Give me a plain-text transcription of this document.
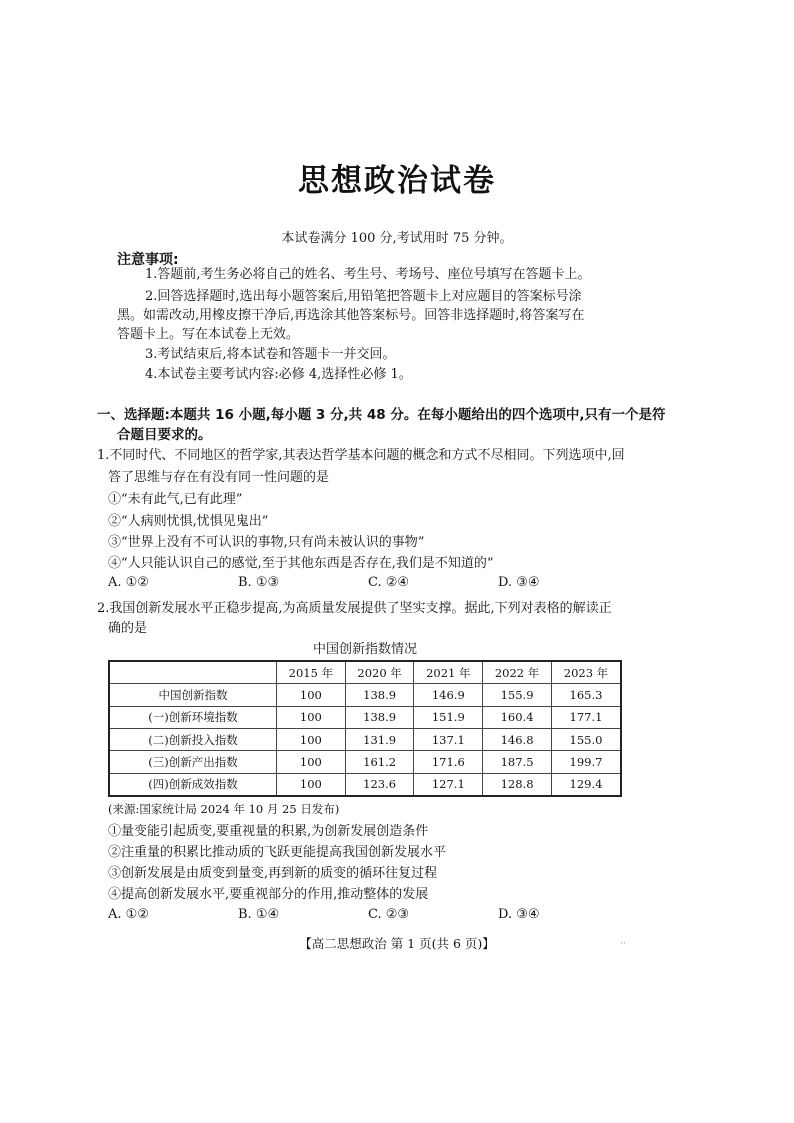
思想政治试卷
本试卷满分 100 分,考试用时 75 分钟。
注意事项:
1.答题前,考生务必将自己的姓名、考生号、考场号、座位号填写在答题卡上。
2.回答选择题时,选出每小题答案后,用铅笔把答题卡上对应题目的答案标号涂
黑。如需改动,用橡皮擦干净后,再选涂其他答案标号。回答非选择题时,将答案写在
答题卡上。写在本试卷上无效。
3.考试结束后,将本试卷和答题卡一并交回。
4.本试卷主要考试内容:必修 4,选择性必修 1。
一、选择题:本题共 16 小题,每小题 3 分,共 48 分。在每小题给出的四个选项中,只有一个是符
合题目要求的。
1.不同时代、不同地区的哲学家,其表达哲学基本问题的概念和方式不尽相同。下列选项中,回
答了思维与存在有没有同一性问题的是
①“未有此气,已有此理”
②“人病则忧惧,忧惧见鬼出”
③“世界上没有不可认识的事物,只有尚未被认识的事物”
④“人只能认识自己的感觉,至于其他东西是否存在,我们是不知道的”
A. ①②	B. ①③	C. ②④	D. ③④
2.我国创新发展水平正稳步提高,为高质量发展提供了坚实支撑。据此,下列对表格的解读正
确的是
中国创新指数情况
	2015 年	2020 年	2021 年	2022 年	2023 年
中国创新指数	100	138.9	146.9	155.9	165.3
(一)创新环境指数	100	138.9	151.9	160.4	177.1
(二)创新投入指数	100	131.9	137.1	146.8	155.0
(三)创新产出指数	100	161.2	171.6	187.5	199.7
(四)创新成效指数	100	123.6	127.1	128.8	129.4
(来源:国家统计局 2024 年 10 月 25 日发布)
①量变能引起质变,要重视量的积累,为创新发展创造条件
②注重量的积累比推动质的飞跃更能提高我国创新发展水平
③创新发展是由质变到量变,再到新的质变的循环往复过程
④提高创新发展水平,要重视部分的作用,推动整体的发展
A. ①②	B. ①④	C. ②③	D. ③④
【高二思想政治 第 1 页(共 6 页)】	··
